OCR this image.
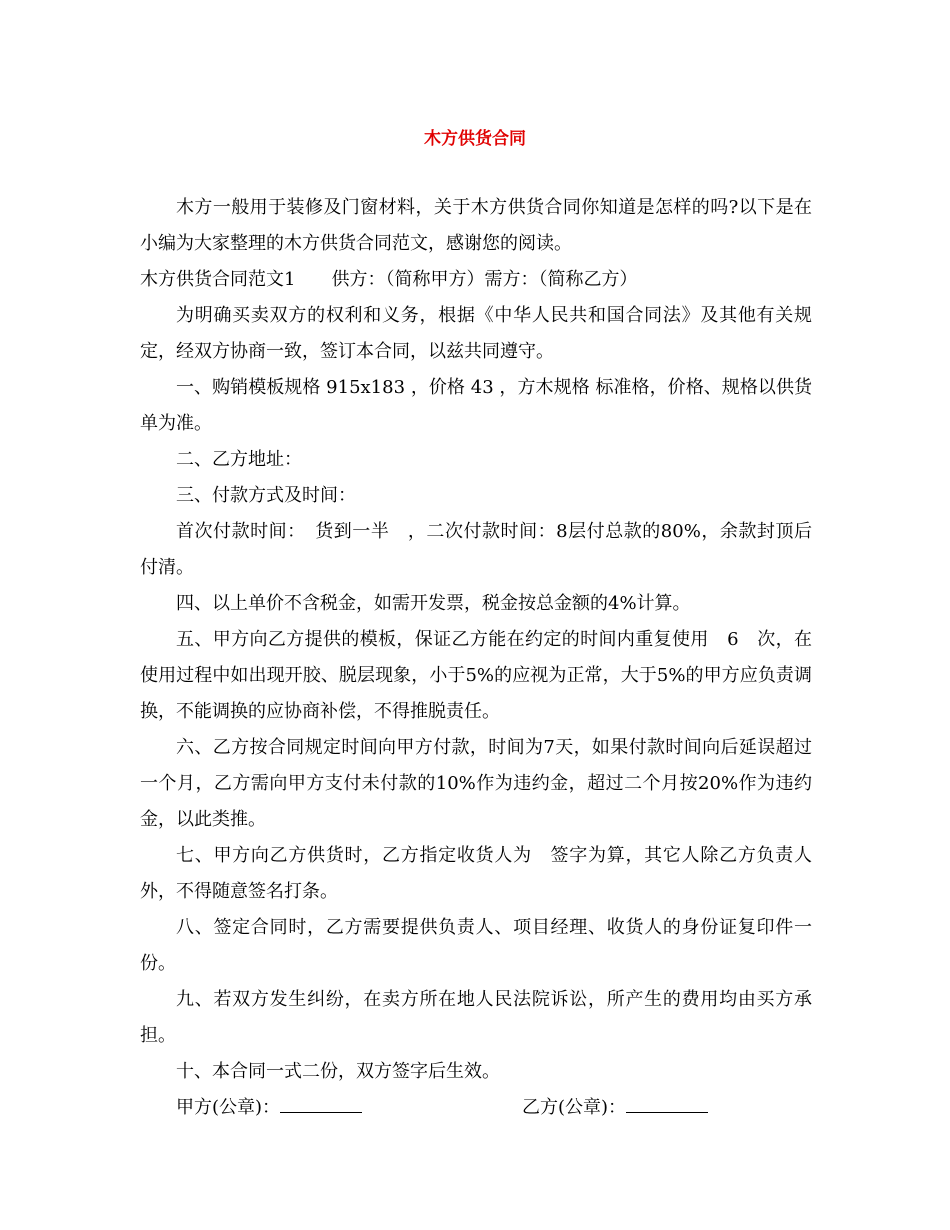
木方供货合同

木方一般用于装修及门窗材料，关于木方供货合同你知道是怎样的吗?以下是在小编为大家整理的木方供货合同范文，感谢您的阅读。

木方供货合同范文1　　供方：（简称甲方）需方：（简称乙方）

为明确买卖双方的权利和义务，根据《中华人民共和国合同法》及其他有关规定，经双方协商一致，签订本合同，以兹共同遵守。

一、购销模板规格 915x183 ，价格 43 ，方木规格 标准格，价格、规格以供货单为准。

二、乙方地址：

三、付款方式及时间：

首次付款时间：　货到一半　，二次付款时间：8层付总款的80%，余款封顶后付清。

四、以上单价不含税金，如需开发票，税金按总金额的4%计算。

五、甲方向乙方提供的模板，保证乙方能在约定的时间内重复使用　6　次，在使用过程中如出现开胶、脱层现象，小于5%的应视为正常，大于5%的甲方应负责调换，不能调换的应协商补偿，不得推脱责任。

六、乙方按合同规定时间向甲方付款，时间为7天，如果付款时间向后延误超过一个月，乙方需向甲方支付未付款的10%作为违约金，超过二个月按20%作为违约金，以此类推。

七、甲方向乙方供货时，乙方指定收货人为　签字为算，其它人除乙方负责人外，不得随意签名打条。

八、签定合同时，乙方需要提供负责人、项目经理、收货人的身份证复印件一份。

九、若双方发生纠纷，在卖方所在地人民法院诉讼，所产生的费用均由买方承担。

十、本合同一式二份，双方签字后生效。

甲方(公章)：	乙方(公章)：
